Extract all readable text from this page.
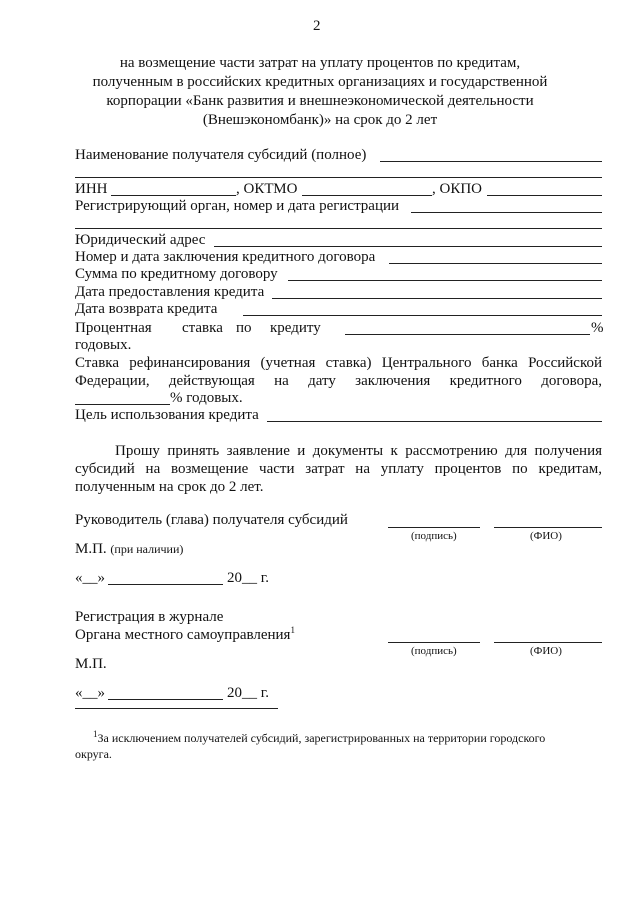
2
на возмещение части затрат на уплату процентов по кредитам,
полученным в российских кредитных организациях и государственной
корпорации «Банк развития и внешнеэкономической деятельности
(Внешэкономбанк)» на срок до 2 лет
Наименование получателя субсидий (полное)
ИНН	, ОКТМО	, ОКПО
Регистрирующий орган, номер и дата регистрации
Юридический адрес
Номер и дата заключения кредитного договора
Сумма по кредитному договору
Дата предоставления кредита
Дата возврата кредита
Процентная ставка по кредиту	%
годовых.
Ставка рефинансирования (учетная ставка) Центрального банка Российской
Федерации, действующая на дату заключения кредитного договора,
% годовых.
Цель использования кредита
Прошу принять заявление и документы к рассмотрению для получения
субсидий на возмещение части затрат на уплату процентов по кредитам,
полученным на срок до 2 лет.
Руководитель (глава) получателя субсидий
(подпись)	(ФИО)
М.П. (при наличии)
«__»	20__ г.
Регистрация в журнале
Органа местного самоуправления$^1$
(подпись)	(ФИО)
М.П.
«__»	20__ г.
$^1$За исключением получателей субсидий, зарегистрированных на территории городского
округа.
